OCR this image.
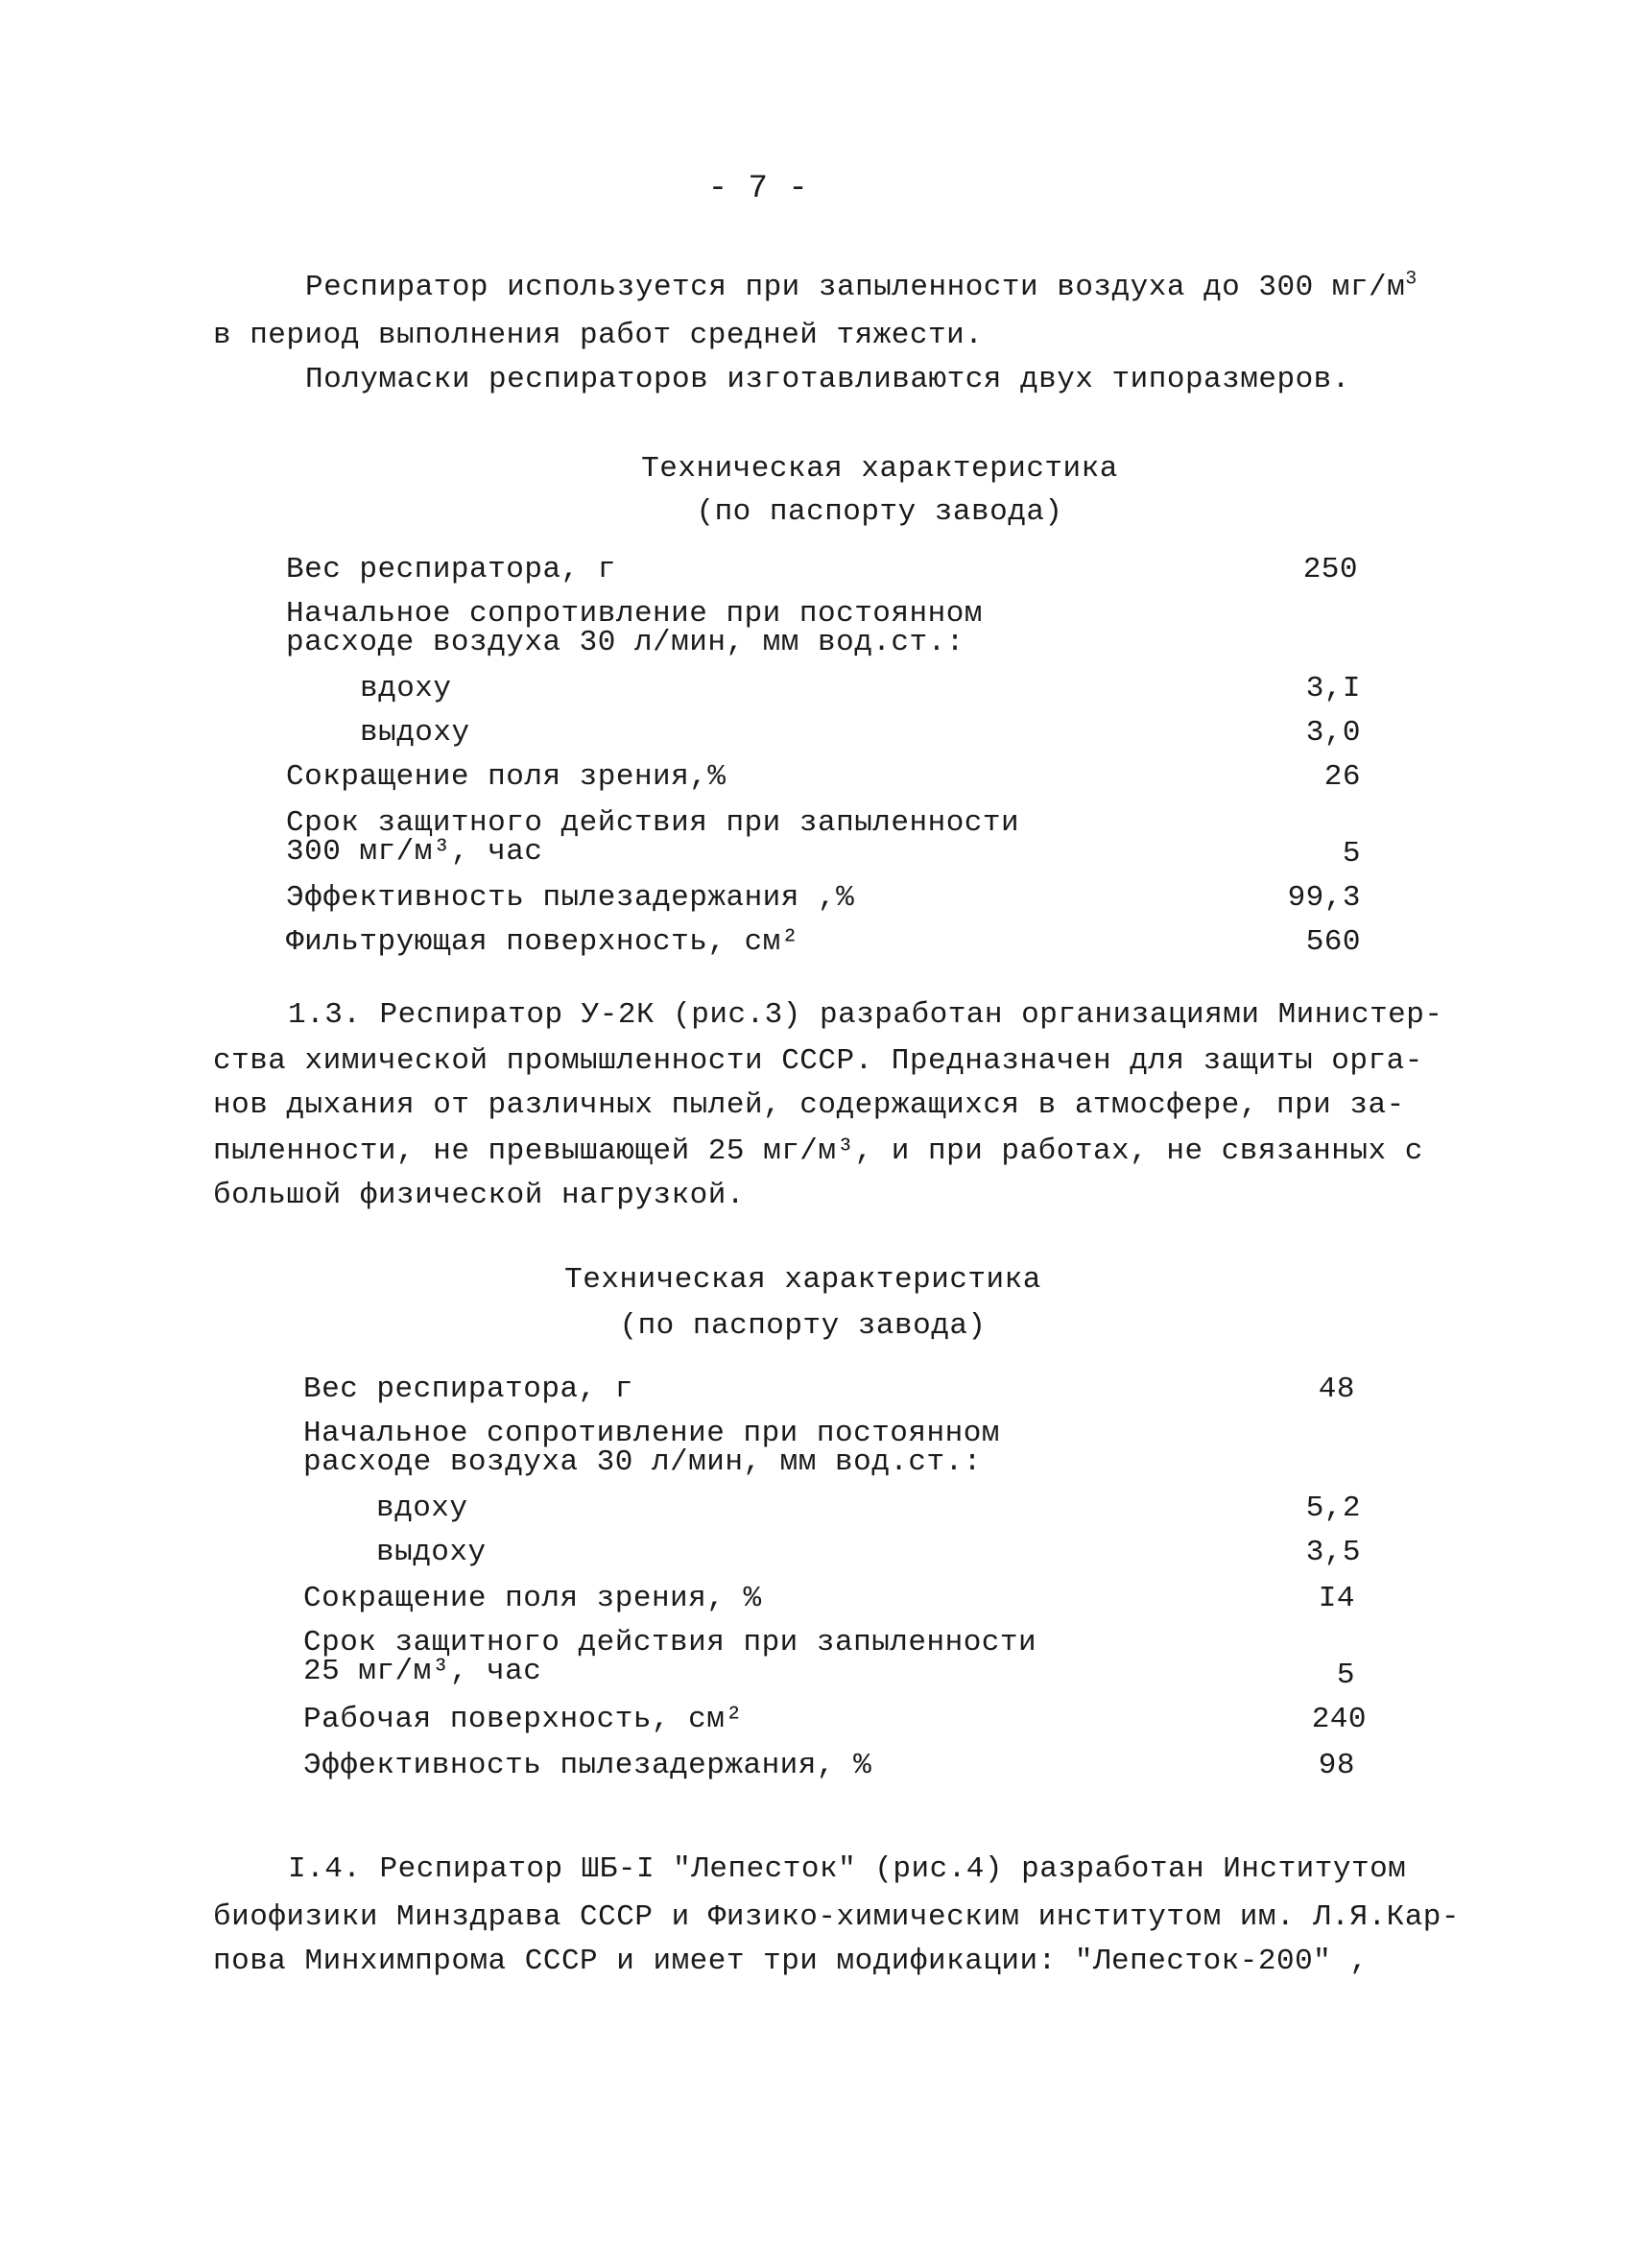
- 7 -
Респиратор используется при запыленности воздуха до 300 $мг/м^3$
в период выполнения работ средней тяжести.
Полумаски респираторов изготавливаются двух типоразмеров.
Техническая характеристика
(по паспорту завода)
Вес респиратора, г	250
Начальное сопротивление при постоянном
расходе воздуха 30 л/мин, мм вод.ст.:
вдоху	3,I
выдоху	3,0
Сокращение поля зрения,%	26
Срок защитного действия при запыленности
300 мг/м³, час	5
Эффективность пылезадержания ,%	99,3
Фильтрующая поверхность, см²	560
1.3. Респиратор У-2К (рис.3) разработан организациями Министер-
ства химической промышленности СССР. Предназначен для защиты орга-
нов дыхания от различных пылей, содержащихся в атмосфере, при за-
пыленности, не превышающей 25 мг/м³, и при работах, не связанных с
большой физической нагрузкой.
Техническая характеристика
(по паспорту завода)
Вес респиратора, г	48
Начальное сопротивление при постоянном
расходе воздуха 30 л/мин, мм вод.ст.:
вдоху	5,2
выдоху	3,5
Сокращение поля зрения, %	I4
Срок защитного действия при запыленности
25 мг/м³, час	5
Рабочая поверхность, см²	240
Эффективность пылезадержания, %	98
I.4. Респиратор ШБ-I "Лепесток" (рис.4) разработан Институтом
биофизики Минздрава СССР и Физико-химическим институтом им. Л.Я.Кар-
пова Минхимпрома СССР и имеет три модификации: "Лепесток-200" ,
